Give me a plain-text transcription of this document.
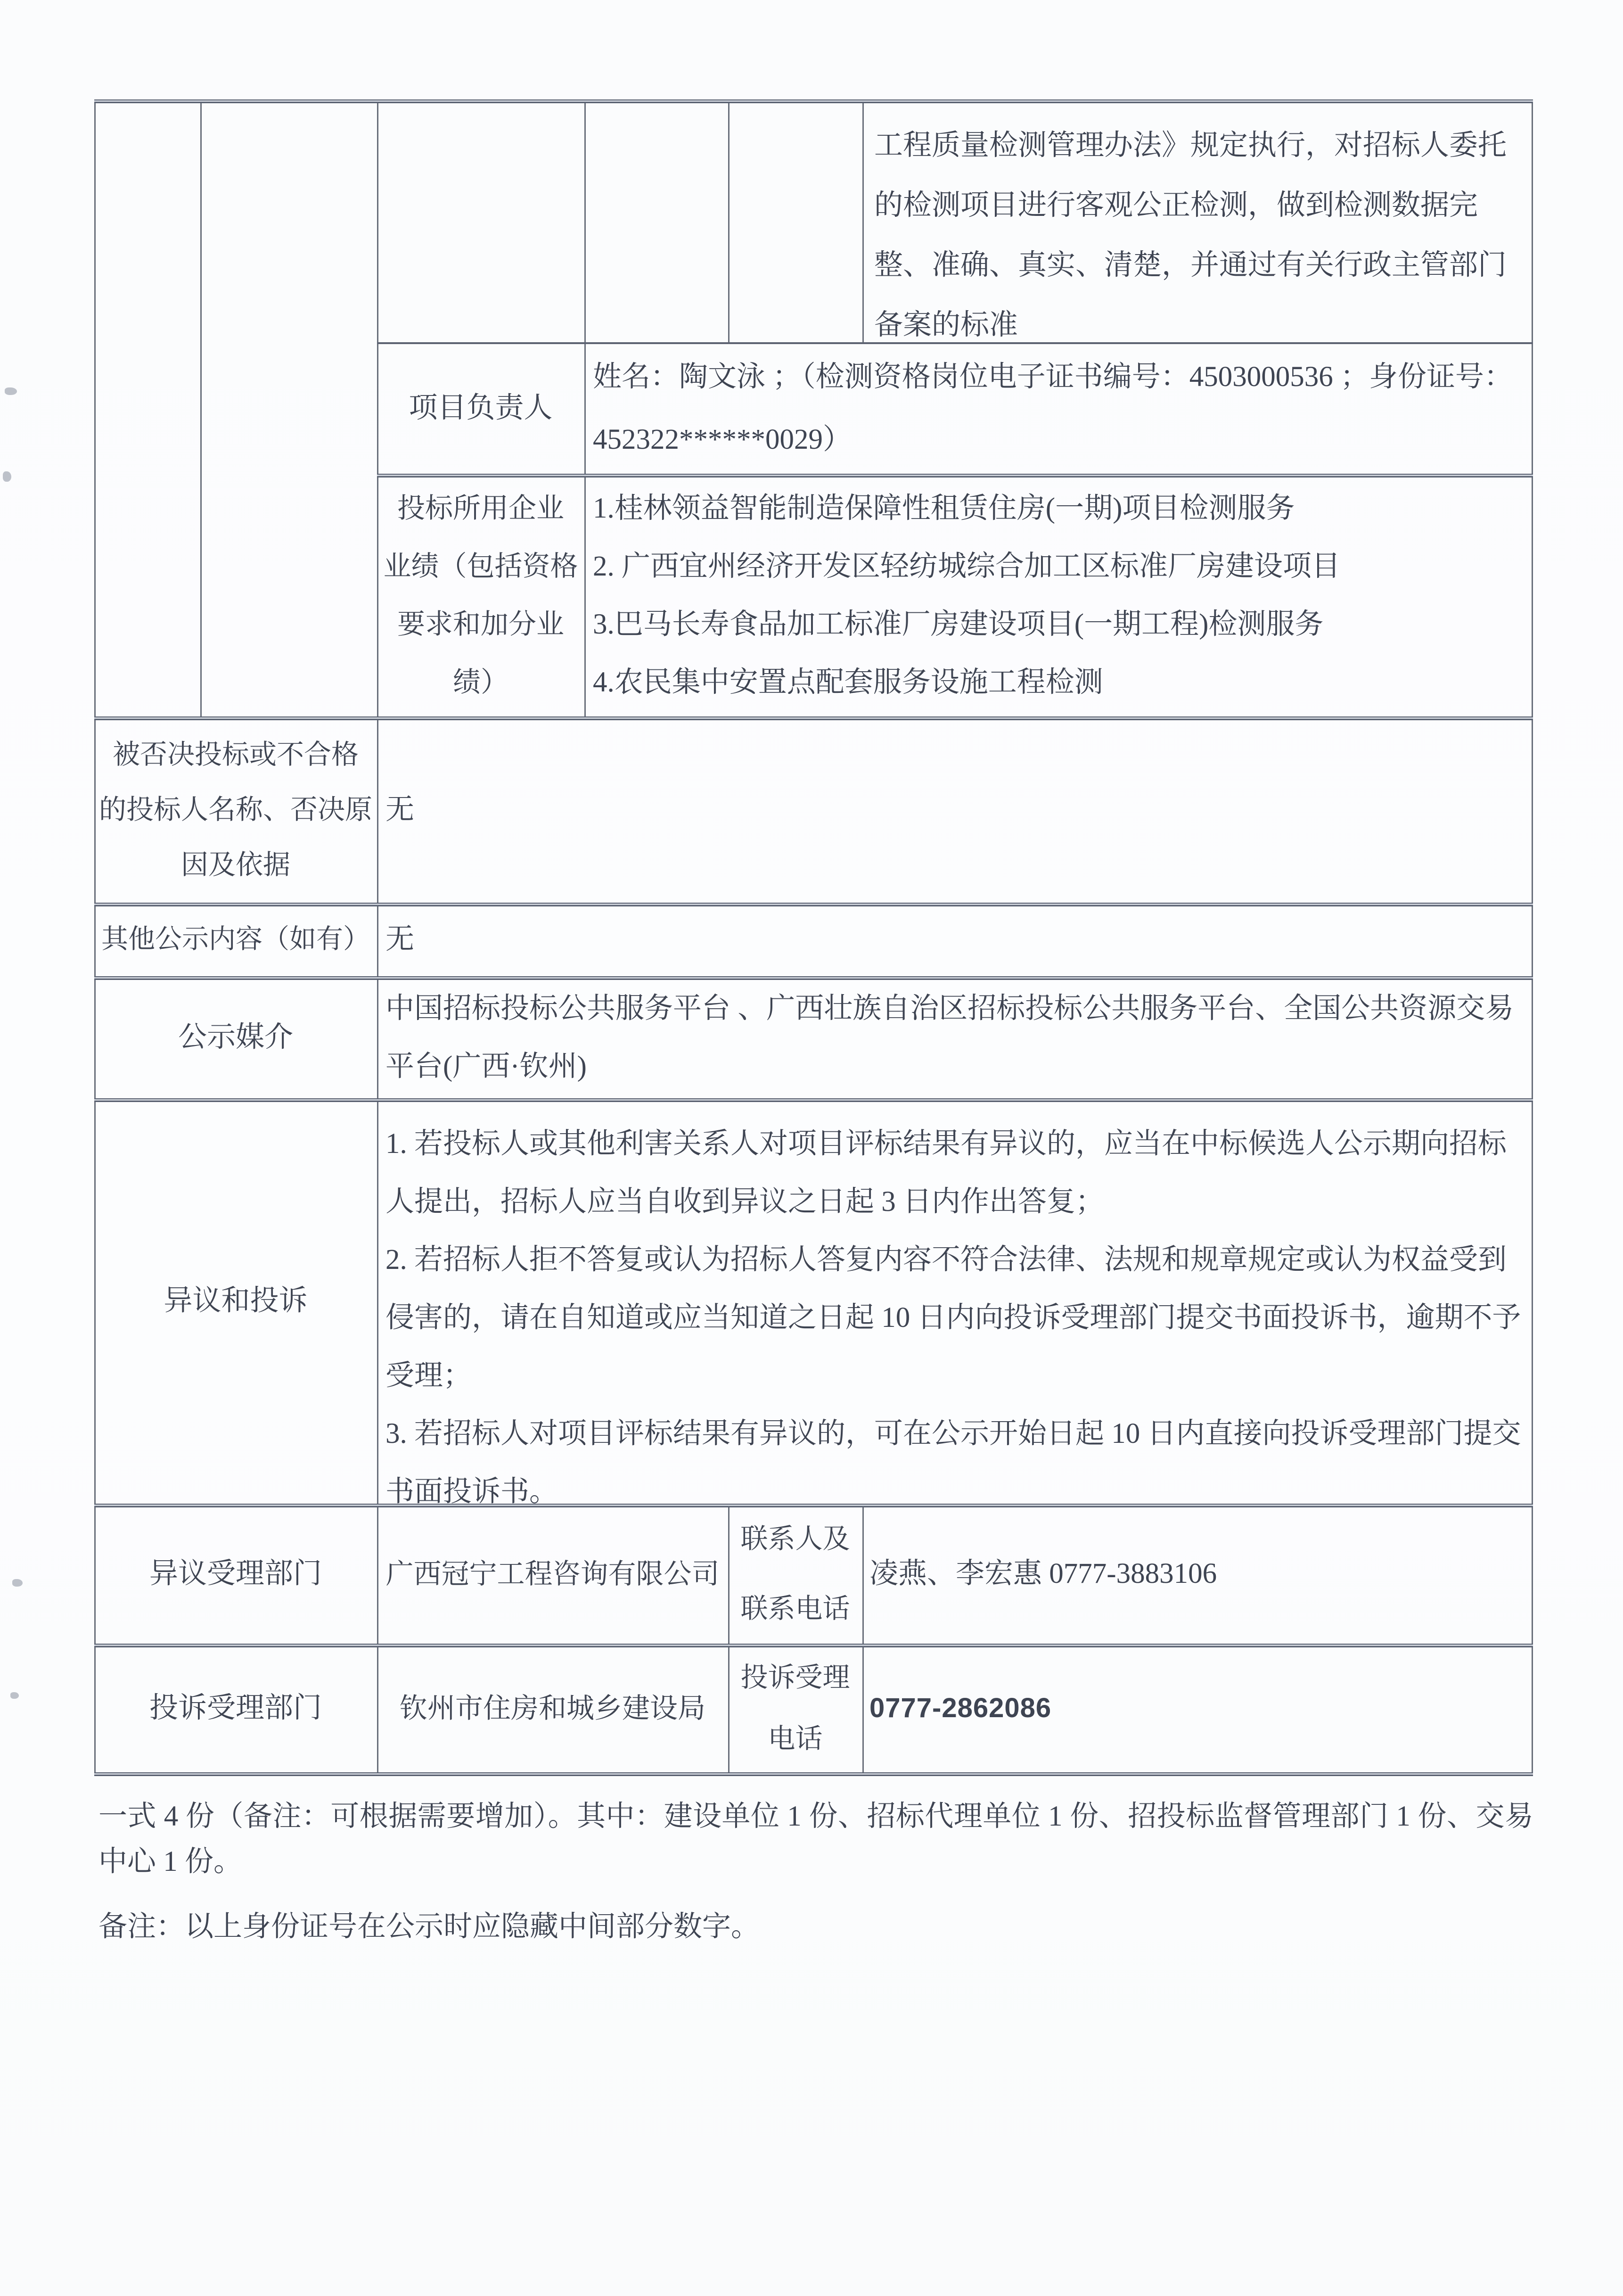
工程质量检测管理办法》规定执行，对招标人委托的检测项目进行客观公正检测，做到检测数据完整、准确、真实、清楚，并通过有关行政主管部门备案的标准
项目负责人
姓名：陶文泳 ；（检测资格岗位电子证书编号：4503000536 ；身份证号：452322******0029）
投标所用企业
业绩（包括资格
要求和加分业
绩）
1.桂林领益智能制造保障性租赁住房(一期)项目检测服务
2. 广西宜州经济开发区轻纺城综合加工区标准厂房建设项目
3.巴马长寿食品加工标准厂房建设项目(一期工程)检测服务
4.农民集中安置点配套服务设施工程检测
被否决投标或不合格
的投标人名称、否决原
因及依据
无
其他公示内容（如有） 无
公示媒介
中国招标投标公共服务平台 、广西壮族自治区招标投标公共服务平台、全国公共资源交易平台(广西·钦州)
异议和投诉
1. 若投标人或其他利害关系人对项目评标结果有异议的，应当在中标候选人公示期向招标人提出，招标人应当自收到异议之日起 3 日内作出答复；
2. 若招标人拒不答复或认为招标人答复内容不符合法律、法规和规章规定或认为权益受到侵害的，请在自知道或应当知道之日起 10 日内向投诉受理部门提交书面投诉书，逾期不予受理；
3. 若招标人对项目评标结果有异议的，可在公示开始日起 10 日内直接向投诉受理部门提交书面投诉书。
异议受理部门	广西冠宁工程咨询有限公司
联系人及联系电话
凌燕、李宏惠 0777-3883106
投诉受理部门	钦州市住房和城乡建设局
投诉受理电话
0777-2862086
一式 4 份（备注：可根据需要增加）。其中：建设单位 1 份、招标代理单位 1 份、招投标监督管理部门 1 份、交易中心 1 份。
备注：以上身份证号在公示时应隐藏中间部分数字。
